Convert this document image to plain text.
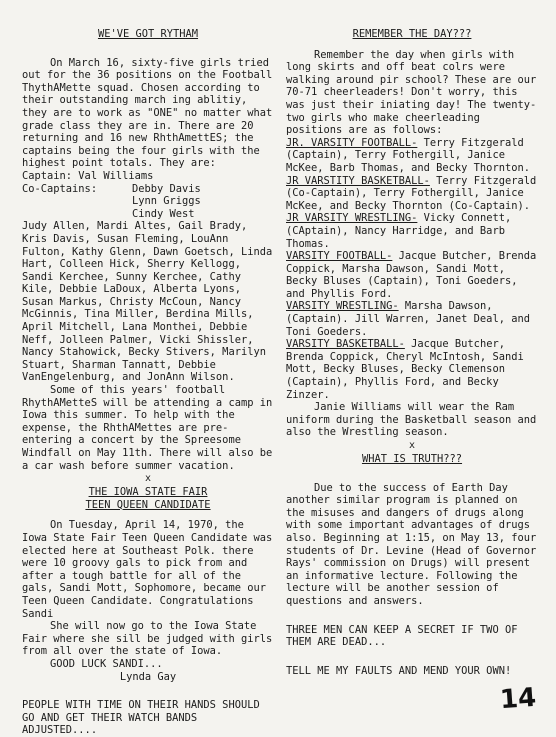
WE'VE GOT RYTHAM

On March 16, sixty-five girls tried out for the 36 positions on the Football ThythAMette squad. Chosen according to their outstanding march ing ablitiy, they are to work as "ONE" no matter what grade class they are in. There are 20 returning and 16 new RhthAmettES; the captains being the four girls with the highest point totals. They are:

Captain: Val Williams

Co-Captains:	Debby Davis

Lynn Griggs

Cindy West

Judy Allen, Mardi Altes, Gail Brady, Kris Davis, Susan Fleming, LouAnn Fulton, Kathy Glenn, Dawn Goetsch, Linda Hart, Colleen Hick, Sherry Kellogg, Sandi Kerchee, Sunny Kerchee, Cathy Kile, Debbie LaDoux, Alberta Lyons, Susan Markus, Christy McCoun, Nancy McGinnis, Tina Miller, Berdina Mills, April Mitchell, Lana Monthei, Debbie Neff, Jolleen Palmer, Vicki Shissler, Nancy Stahowick, Becky Stivers, Marilyn Stuart, Sharman Tannatt, Debbie VanEngelenburg, and JonAnn Wilson.

Some of this years' football RhythAMetteS will be attending a camp in Iowa this summer. To help with the expense, the RhthAMettes are pre-entering a concert by the Spreesome Windfall on May 11th. There will also be a car wash before summer vacation.

x

THE IOWA STATE FAIR

TEEN QUEEN CANDIDATE

On Tuesday, April 14, 1970, the Iowa State Fair Teen Queen Candidate was elected here at Southeast Polk. there were 10 groovy gals to pick from and after a tough battle for all of the gals, Sandi Mott, Sophomore, became our Teen Queen Candidate. Congratulations Sandi

She will now go to the Iowa State Fair where she sill be judged with girls from all over the state of Iowa.

GOOD LUCK SANDI...

Lynda Gay

PEOPLE WITH TIME ON THEIR HANDS SHOULD GO AND GET THEIR WATCH BANDS ADJUSTED....

REMEMBER THE DAY???

Remember the day when girls with long skirts and off beat colrs were walking around pir school? These are our 70-71 cheerleaders! Don't worry, this was just their iniating day! The twenty-two girls who make cheerleading positions are as follows:

JR. VARSITY FOOTBALL- Terry Fitzgerald (Captain), Terry Fothergill, Janice McKee, Barb Thomas, and Becky Thornton.

JR VARSTITY BASKETBALL- Terry Fitzgerald (Co-Captain), Terry Fothergill, Janice McKee, and Becky Thornton (Co-Captain).

JR VARSITY WRESTLING- Vicky Connett, (CAptain), Nancy Harridge, and Barb Thomas.

VARSITY FOOTBALL- Jacque Butcher, Brenda Coppick, Marsha Dawson, Sandi Mott, Becky Bluses (Captain), Toni Goeders, and Phyllis Ford.

VARSITY WRESTLING- Marsha Dawson, (Captain). Jill Warren, Janet Deal, and Toni Goeders.

VARSITY BASKETBALL- Jacque Butcher, Brenda Coppick, Cheryl McIntosh, Sandi Mott, Becky Bluses, Becky Clemenson (Captain), Phyllis Ford, and Becky Zinzer.

Janie Williams will wear the Ram uniform during the Basketball season and also the Wrestling season.

x

WHAT IS TRUTH???

Due to the success of Earth Day another similar program is planned on the misuses and dangers of drugs along with some important advantages of drugs also. Beginning at 1:15, on May 13, four students of Dr. Levine (Head of Governor Rays' commission on Drugs) will present an informative lecture. Following the lecture will be another session of questions and answers.

THREE MEN CAN KEEP A SECRET IF TWO OF THEM ARE DEAD...

TELL ME MY FAULTS AND MEND YOUR OWN!

14
